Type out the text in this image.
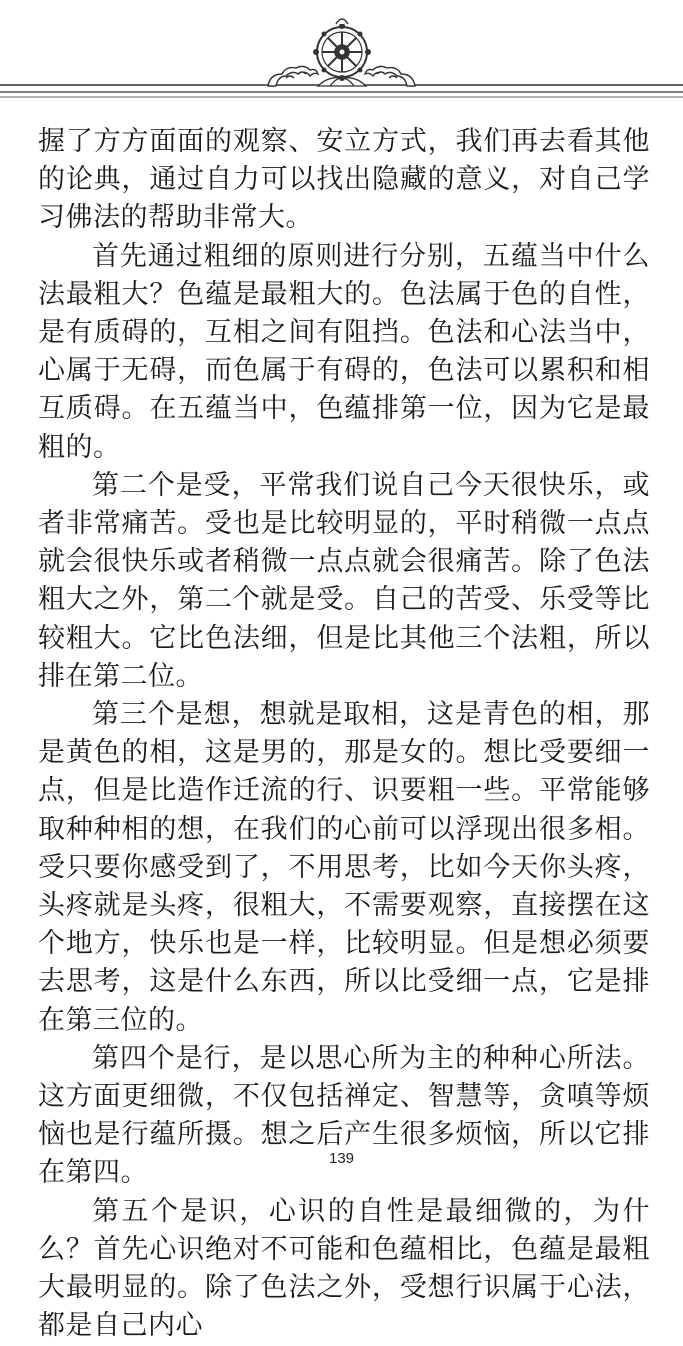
握了方方面面的观察、安立方式，我们再去看其他的论典，通过自力可以找出隐藏的意义，对自己学习佛法的帮助非常大。

首先通过粗细的原则进行分别，五蕴当中什么法最粗大？色蕴是最粗大的。色法属于色的自性，是有质碍的，互相之间有阻挡。色法和心法当中，心属于无碍，而色属于有碍的，色法可以累积和相互质碍。在五蕴当中，色蕴排第一位，因为它是最粗的。

第二个是受，平常我们说自己今天很快乐，或者非常痛苦。受也是比较明显的，平时稍微一点点就会很快乐或者稍微一点点就会很痛苦。除了色法粗大之外，第二个就是受。自己的苦受、乐受等比较粗大。它比色法细，但是比其他三个法粗，所以排在第二位。

第三个是想，想就是取相，这是青色的相，那是黄色的相，这是男的，那是女的。想比受要细一点，但是比造作迁流的行、识要粗一些。平常能够取种种相的想，在我们的心前可以浮现出很多相。受只要你感受到了，不用思考，比如今天你头疼，头疼就是头疼，很粗大，不需要观察，直接摆在这个地方，快乐也是一样，比较明显。但是想必须要去思考，这是什么东西，所以比受细一点，它是排在第三位的。

第四个是行，是以思心所为主的种种心所法。这方面更细微，不仅包括禅定、智慧等，贪嗔等烦恼也是行蕴所摄。想之后产生很多烦恼，所以它排在第四。

第五个是识，心识的自性是最细微的，为什么？首先心识绝对不可能和色蕴相比，色蕴是最粗大最明显的。除了色法之外，受想行识属于心法，都是自己内心

139
